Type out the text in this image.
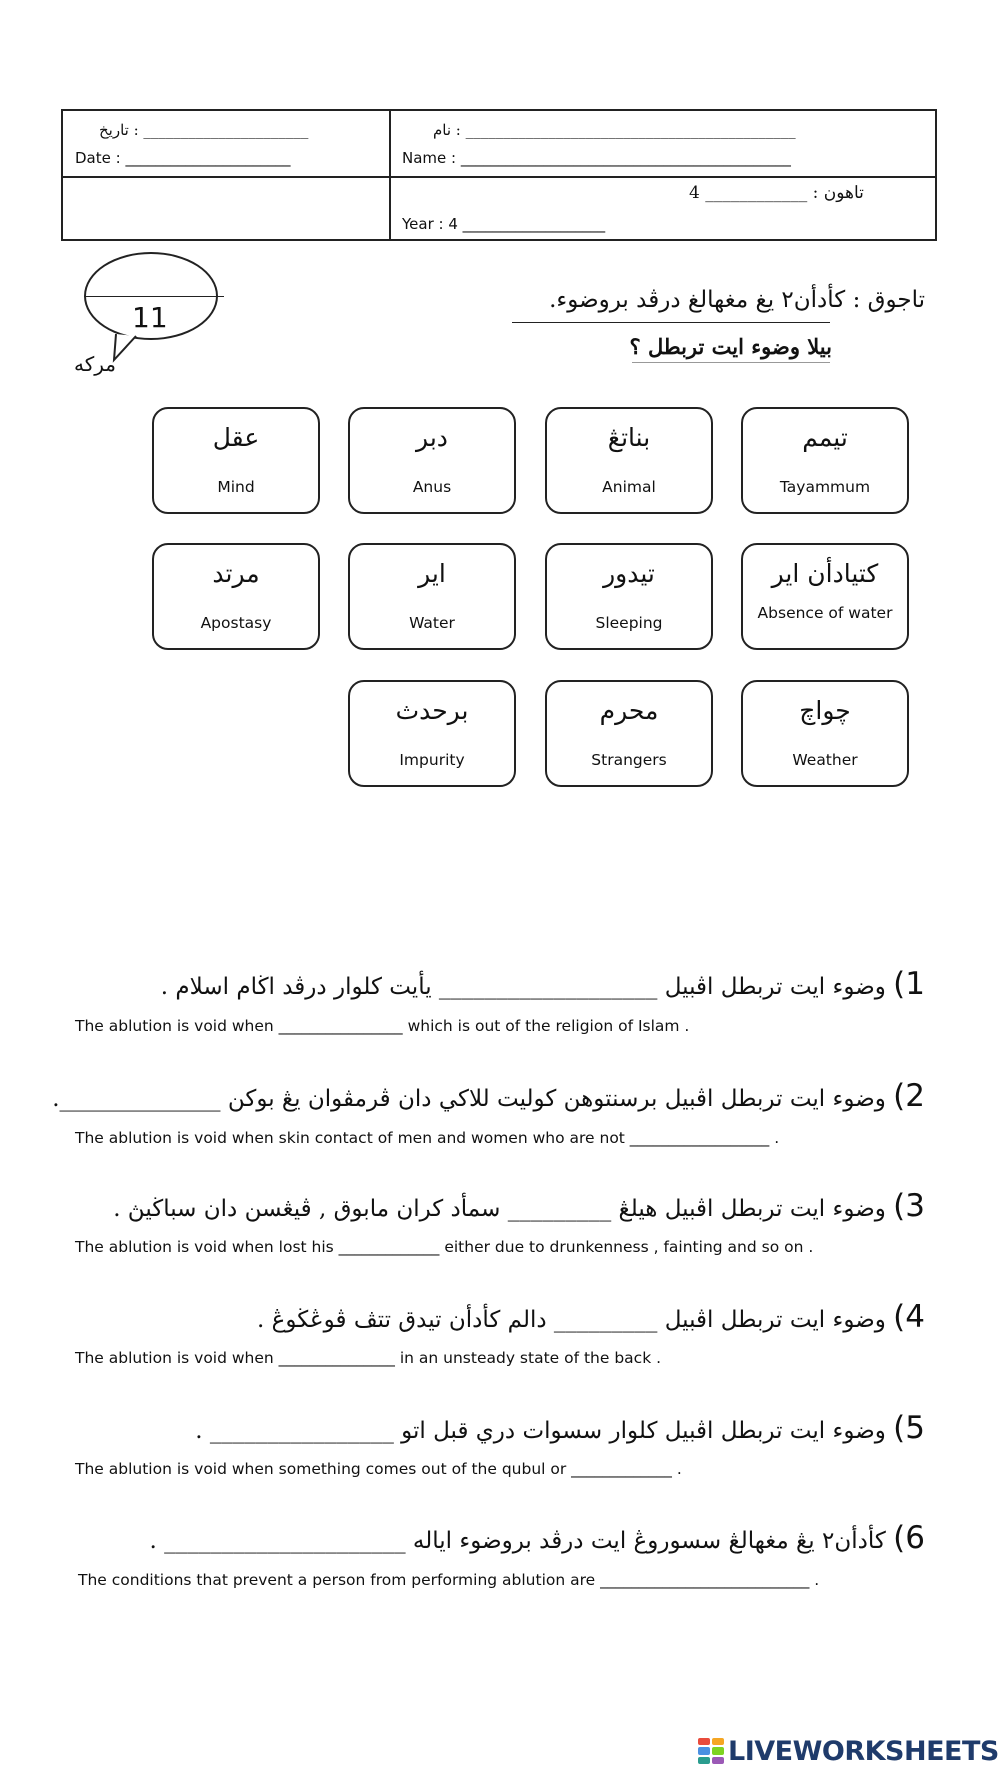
______________________ : تاريخ
Date : ______________________
____________________________________________ : نام
Name : ____________________________________________
تاهون : ____________ 4
Year : 4 ___________________
11
مركه
تاجوق : كأدأن٢ يغ مغهالغ درڤد بروضوء.
بيلا وضوء ايت تربطل ؟
تيمم
Tayammum
بناتڠ
Animal
دبر
Anus
عقل
Mind
كتيادأن اير
Absence of water
تيدور
Sleeping
اير
Water
مرتد
Apostasy
چواچ
Weather
محرم
Strangers
برحدث
Impurity
1) وضوء ايت تربطل اڤبيل ___________________ يأيت كلوار درڤد اڬام اسلام .
The ablution is void when ________________ which is out of the religion of Islam .
2) وضوء ايت تربطل اڤبيل برسنتوهن كوليت للاكي دان ڤرمڤوان يڠ بوكن ______________.
The ablution is void when skin contact of men and women who are not __________________ .
3) وضوء ايت تربطل اڤبيل هيلڠ _________ سمأد كران مابوق , ڤيڠسن دان سباڬيڽ .
The ablution is void when lost his _____________ either due to drunkenness , fainting and so on .
4) وضوء ايت تربطل اڤبيل _________ دالم كأدأن تيدق تتڤ ڤوڠڬوڠ .
The ablution is void when _______________ in an unsteady state of the back .
5) وضوء ايت تربطل اڤبيل كلوار سسوات دري قبل اتو ________________ .
The ablution is void when something comes out of the qubul or _____________ .
6) كأدأن٢ يڠ مغهالڠ سسوروڠ ايت درڤد بروضوء اياله _____________________ .
The conditions that prevent a person from performing ablution are ___________________________ .
LIVEWORKSHEETS
